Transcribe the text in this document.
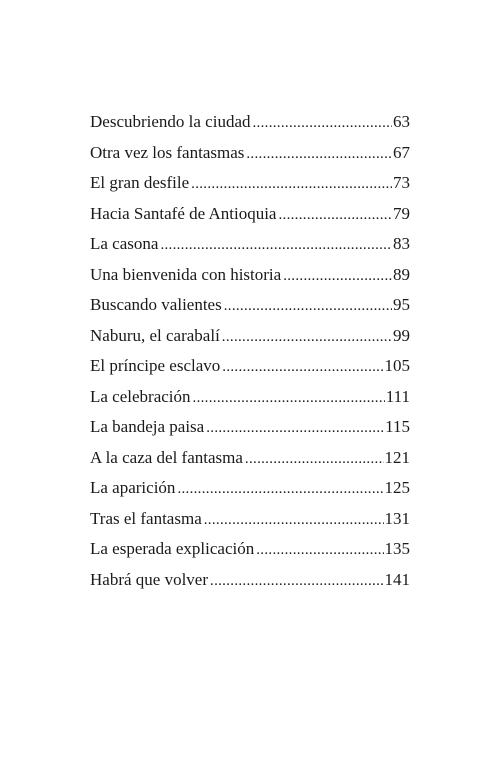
Descubriendo la ciudad .....	63
Otra vez los fantasmas .....	67
El gran desfile .....	73
Hacia Santafé de Antioquia .....	79
La casona .....	83
Una bienvenida con historia .....	89
Buscando valientes .....	95
Naburu, el carabalí .....	99
El príncipe esclavo .....	105
La celebración .....	111
La bandeja paisa .....	115
A la caza del fantasma .....	121
La aparición .....	125
Tras el fantasma .....	131
La esperada explicación .....	135
Habrá que volver .....	141
